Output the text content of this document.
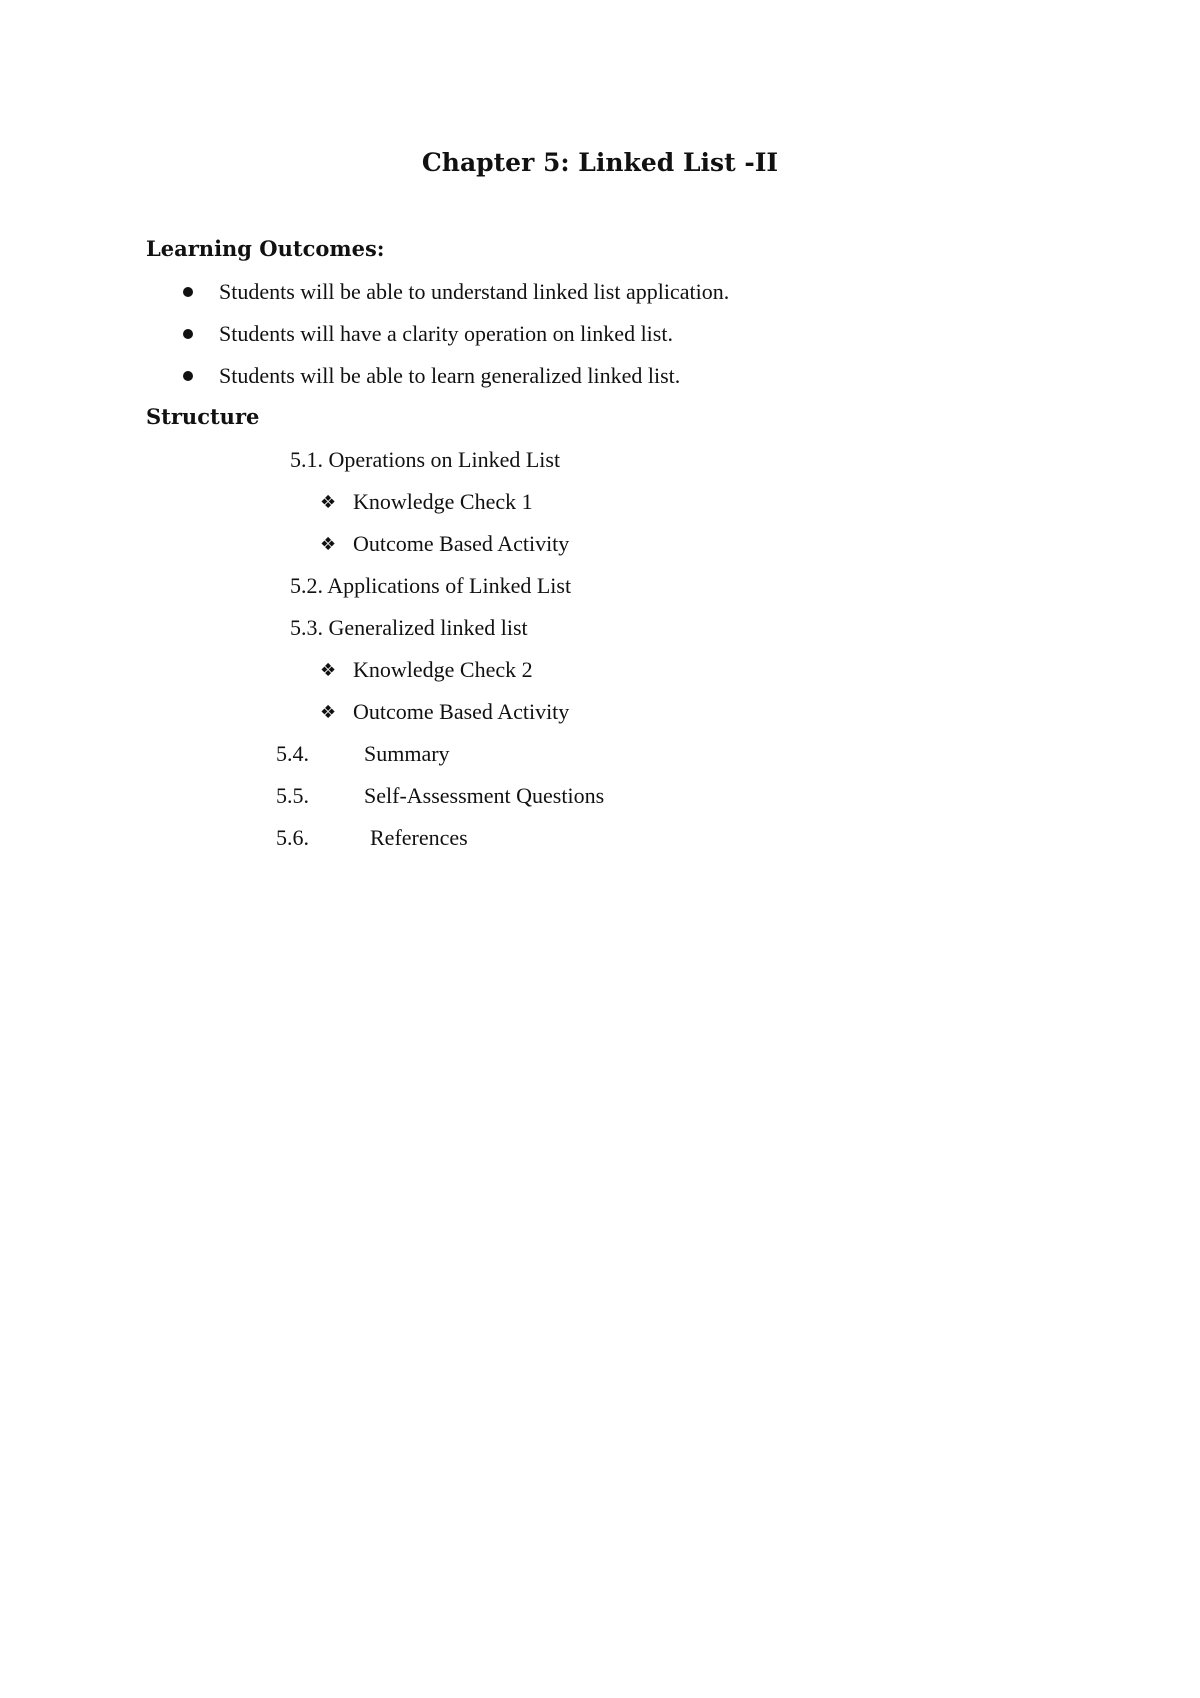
Chapter 5: Linked List -II
Learning Outcomes:
Students will be able to understand linked list application.
Students will have a clarity operation on linked list.
Students will be able to learn generalized linked list.
Structure
5.1. Operations on Linked List
❖ Knowledge Check 1
❖ Outcome Based Activity
5.2. Applications of Linked List
5.3. Generalized linked list
❖ Knowledge Check 2
❖ Outcome Based Activity
5.4.	Summary
5.5.	Self-Assessment Questions
5.6.	References
